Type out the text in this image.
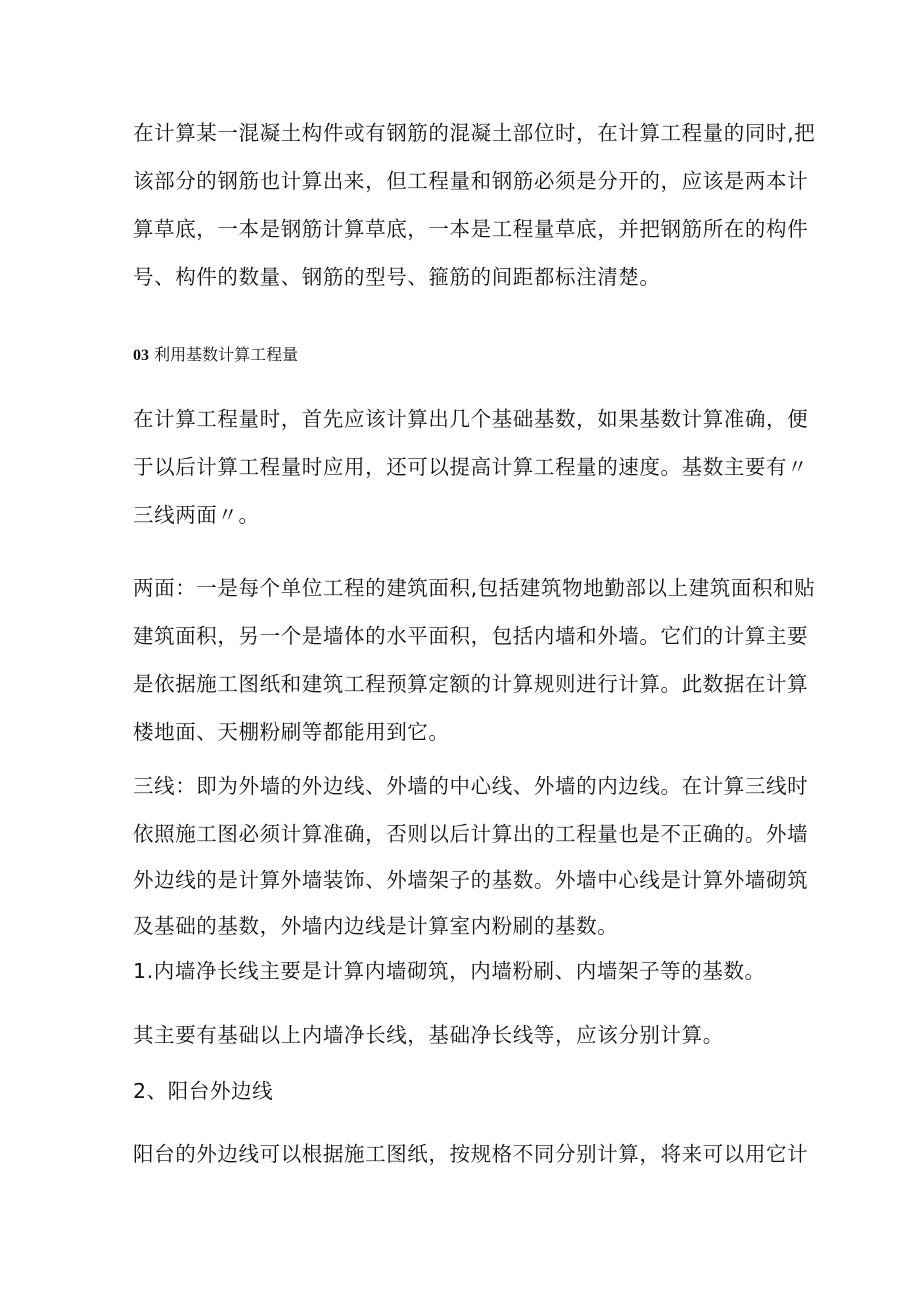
在计算某一混凝土构件或有钢筋的混凝土部位时，在计算工程量的同时,把
该部分的钢筋也计算出来，但工程量和钢筋必须是分开的，应该是两本计
算草底，一本是钢筋计算草底，一本是工程量草底，并把钢筋所在的构件
号、构件的数量、钢筋的型号、箍筋的间距都标注清楚。
03 利用基数计算工程量
在计算工程量时，首先应该计算出几个基础基数，如果基数计算准确，便
于以后计算工程量时应用，还可以提高计算工程量的速度。基数主要有〃
三线两面〃。
两面：一是每个单位工程的建筑面积,包括建筑物地勤部以上建筑面积和贴
建筑面积，另一个是墙体的水平面积，包括内墙和外墙。它们的计算主要
是依据施工图纸和建筑工程预算定额的计算规则进行计算。此数据在计算
楼地面、天棚粉刷等都能用到它。
三线：即为外墙的外边线、外墙的中心线、外墙的内边线。在计算三线时
依照施工图必须计算准确，否则以后计算出的工程量也是不正确的。外墙
外边线的是计算外墙装饰、外墙架子的基数。外墙中心线是计算外墙砌筑
及基础的基数，外墙内边线是计算室内粉刷的基数。
1.内墙净长线主要是计算内墙砌筑，内墙粉刷、内墙架子等的基数。
其主要有基础以上内墙净长线，基础净长线等，应该分别计算。
2、阳台外边线
阳台的外边线可以根据施工图纸，按规格不同分别计算，将来可以用它计
